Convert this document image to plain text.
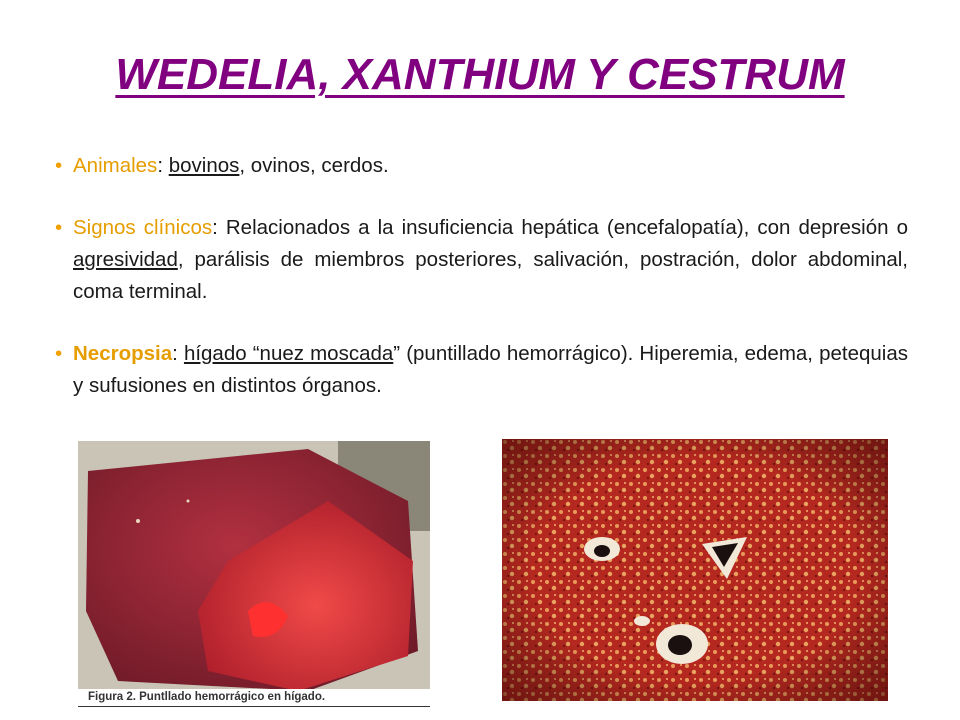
WEDELIA, XANTHIUM Y CESTRUM
• Animales: bovinos, ovinos, cerdos.
• Signos clínicos: Relacionados a la insuficiencia hepática (encefalopatía), con depresión o agresividad, parálisis de miembros posteriores, salivación, postración, dolor abdominal, coma terminal.
• Necropsia: hígado “nuez moscada” (puntillado hemorrágico). Hiperemia, edema, petequias y sufusiones en distintos órganos.
Figura 2. Puntllado hemorrágico en hígado.
